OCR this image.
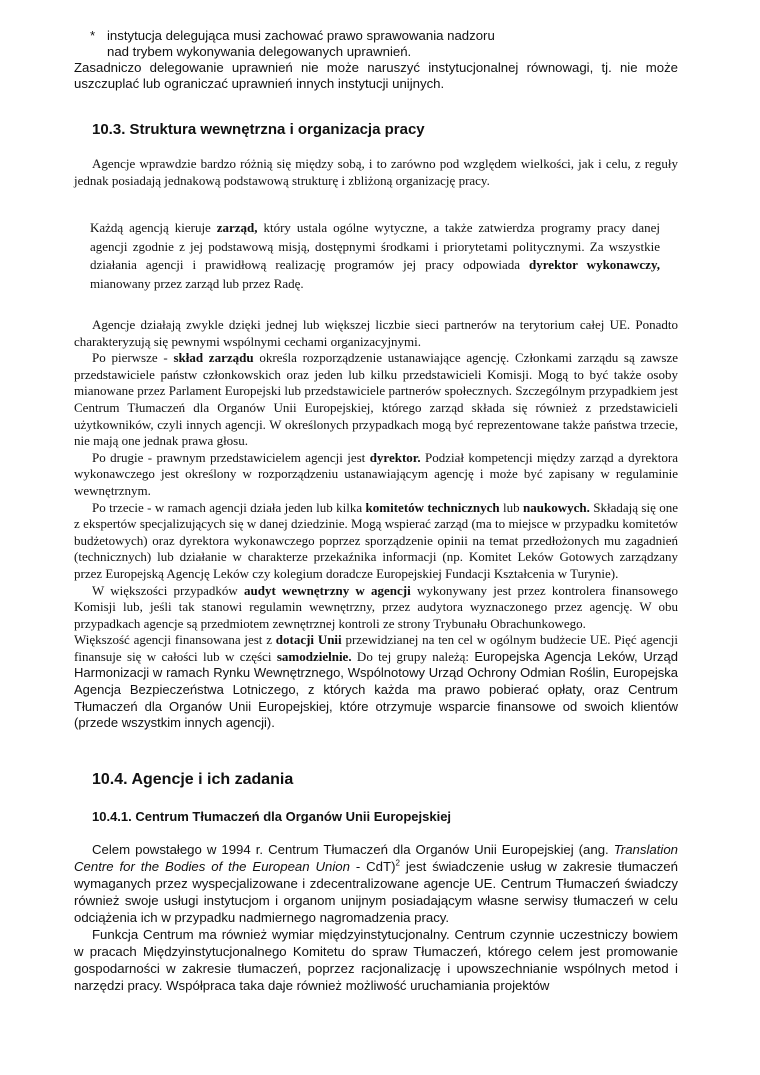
* instytucja delegująca musi zachować prawo sprawowania nadzoru
nad trybem wykonywania delegowanych uprawnień.
Zasadniczo delegowanie uprawnień nie może naruszyć instytucjonalnej równowagi, tj. nie może uszczuplać lub ograniczać uprawnień innych instytucji unijnych.
10.3. Struktura wewnętrzna i organizacja pracy
Agencje wprawdzie bardzo różnią się między sobą, i to zarówno pod względem wielkości, jak i celu, z reguły jednak posiadają jednakową podstawową strukturę i zbliżoną organizację pracy.
Każdą agencją kieruje zarząd, który ustala ogólne wytyczne, a także zatwierdza programy pracy danej agencji zgodnie z jej podstawową misją, dostępnymi środkami i priorytetami politycznymi. Za wszystkie działania agencji i prawidłową realizację programów jej pracy odpowiada dyrektor wykonawczy, mianowany przez zarząd lub przez Radę.

Agencje działają zwykle dzięki jednej lub większej liczbie sieci partnerów na terytorium całej UE. Ponadto charakteryzują się pewnymi wspólnymi cechami organizacyjnymi.

Po pierwsze - skład zarządu określa rozporządzenie ustanawiające agencję. Członkami zarządu są zawsze przedstawiciele państw członkowskich oraz jeden lub kilku przedstawicieli Komisji. Mogą to być także osoby mianowane przez Parlament Europejski lub przedstawiciele partnerów społecznych. Szczególnym przypadkiem jest Centrum Tłumaczeń dla Organów Unii Europejskiej, którego zarząd składa się również z przedstawicieli użytkowników, czyli innych agencji. W określonych przypadkach mogą być reprezentowane także państwa trzecie, nie mają one jednak prawa głosu.

Po drugie - prawnym przedstawicielem agencji jest dyrektor. Podział kompetencji między zarząd a dyrektora wykonawczego jest określony w rozporządzeniu ustanawiającym agencję i może być zapisany w regulaminie wewnętrznym.

Po trzecie - w ramach agencji działa jeden lub kilka komitetów technicznych lub naukowych. Składają się one z ekspertów specjalizujących się w danej dziedzinie. Mogą wspierać zarząd (ma to miejsce w przypadku komitetów budżetowych) oraz dyrektora wykonawczego poprzez sporządzenie opinii na temat przedłożonych mu zagadnień (technicznych) lub działanie w charakterze przekaźnika informacji (np. Komitet Leków Gotowych zarządzany przez Europejską Agencję Leków czy kolegium doradcze Europejskiej Fundacji Kształcenia w Turynie).

W większości przypadków audyt wewnętrzny w agencji wykonywany jest przez kontrolera finansowego Komisji lub, jeśli tak stanowi regulamin wewnętrzny, przez audytora wyznaczonego przez agencję. W obu przypadkach agencje są przedmiotem zewnętrznej kontroli ze strony Trybunału Obrachunkowego.

Większość agencji finansowana jest z dotacji Unii przewidzianej na ten cel w ogólnym budżecie UE. Pięć agencji finansuje się w całości lub w części samodzielnie. Do tej grupy należą: Europejska Agencja Leków, Urząd Harmonizacji w ramach Rynku Wewnętrznego, Wspólnotowy Urząd Ochrony Odmian Roślin, Europejska Agencja Bezpieczeństwa Lotniczego, z których każda ma prawo pobierać opłaty, oraz Centrum Tłumaczeń dla Organów Unii Europejskiej, które otrzymuje wsparcie finansowe od swoich klientów (przede wszystkim innych agencji).

10.4. Agencje i ich zadania
10.4.1. Centrum Tłumaczeń dla Organów Unii Europejskiej

Celem powstałego w 1994 r. Centrum Tłumaczeń dla Organów Unii Europejskiej (ang. Translation Centre for the Bodies of the European Union - CdT)$^2$ jest świadczenie usług w zakresie tłumaczeń wymaganych przez wyspecjalizowane i zdecentralizowane agencje UE. Centrum Tłumaczeń świadczy również swoje usługi instytucjom i organom unijnym posiadającym własne serwisy tłumaczeń w celu odciążenia ich w przypadku nadmiernego nagromadzenia pracy.

Funkcja Centrum ma również wymiar międzyinstytucjonalny. Centrum czynnie uczestniczy bowiem w pracach Międzyinstytucjonalnego Komitetu do spraw Tłumaczeń, którego celem jest promowanie gospodarności w zakresie tłumaczeń, poprzez racjonalizację i upowszechnianie wspólnych metod i narzędzi pracy. Współpraca taka daje również możliwość uruchamiania projektów
